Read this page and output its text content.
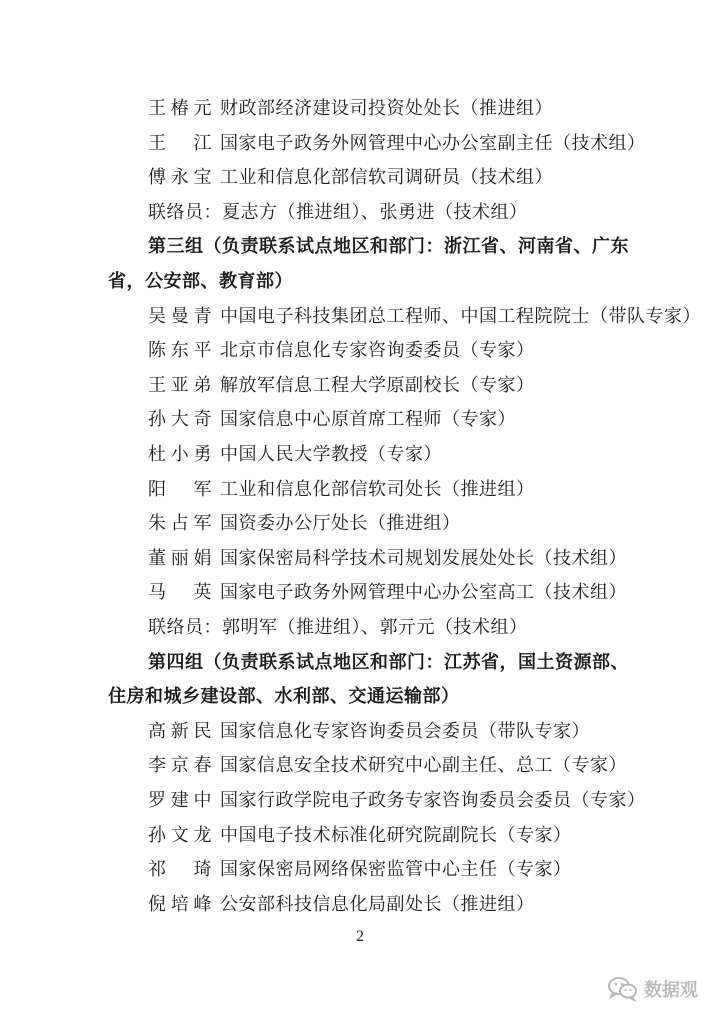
王椿元 财政部经济建设司投资处处长（推进组）
王　江 国家电子政务外网管理中心办公室副主任（技术组）
傅永宝 工业和信息化部信软司调研员（技术组）
联络员：夏志方（推进组）、张勇进（技术组）
第三组（负责联系试点地区和部门：浙江省、河南省、广东
省，公安部、教育部）
吴曼青 中国电子科技集团总工程师、中国工程院院士（带队专家）
陈东平 北京市信息化专家咨询委委员（专家）
王亚弟 解放军信息工程大学原副校长（专家）
孙大奇 国家信息中心原首席工程师（专家）
杜小勇 中国人民大学教授（专家）
阳　军 工业和信息化部信软司处长（推进组）
朱占军 国资委办公厅处长（推进组）
董丽娟 国家保密局科学技术司规划发展处处长（技术组）
马　英 国家电子政务外网管理中心办公室高工（技术组）
联络员：郭明军（推进组）、郭亓元（技术组）
第四组（负责联系试点地区和部门：江苏省，国土资源部、
住房和城乡建设部、水利部、交通运输部）
高新民 国家信息化专家咨询委员会委员（带队专家）
李京春 国家信息安全技术研究中心副主任、总工（专家）
罗建中 国家行政学院电子政务专家咨询委员会委员（专家）
孙文龙 中国电子技术标准化研究院副院长（专家）
祁　琦 国家保密局网络保密监管中心主任（专家）
倪培峰 公安部科技信息化局副处长（推进组）
2
数据观
